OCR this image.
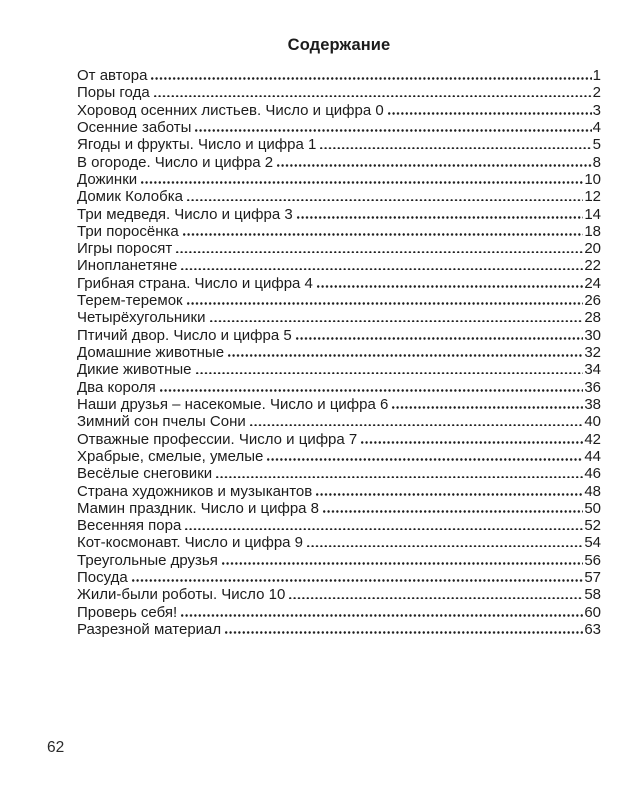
Содержание
От автора	1
Поры года	2
Хоровод осенних листьев. Число и цифра 0	3
Осенние заботы	4
Ягоды и фрукты. Число и цифра 1	5
В огороде. Число и цифра 2	8
Дожинки	10
Домик Колобка	12
Три медведя. Число и цифра 3	14
Три поросёнка	18
Игры поросят	20
Инопланетяне	22
Грибная страна. Число и цифра 4	24
Терем-теремок	26
Четырёхугольники	28
Птичий двор. Число и цифра 5	30
Домашние животные	32
Дикие животные	34
Два короля	36
Наши друзья – насекомые. Число и цифра 6	38
Зимний сон пчелы Сони	40
Отважные профессии. Число и цифра 7	42
Храбрые, смелые, умелые	44
Весёлые снеговики	46
Страна художников и музыкантов	48
Мамин праздник. Число и цифра 8	50
Весенняя пора	52
Кот-космонавт. Число и цифра 9	54
Треугольные друзья	56
Посуда	57
Жили-были роботы. Число 10	58
Проверь себя!	60
Разрезной материал	63
62
